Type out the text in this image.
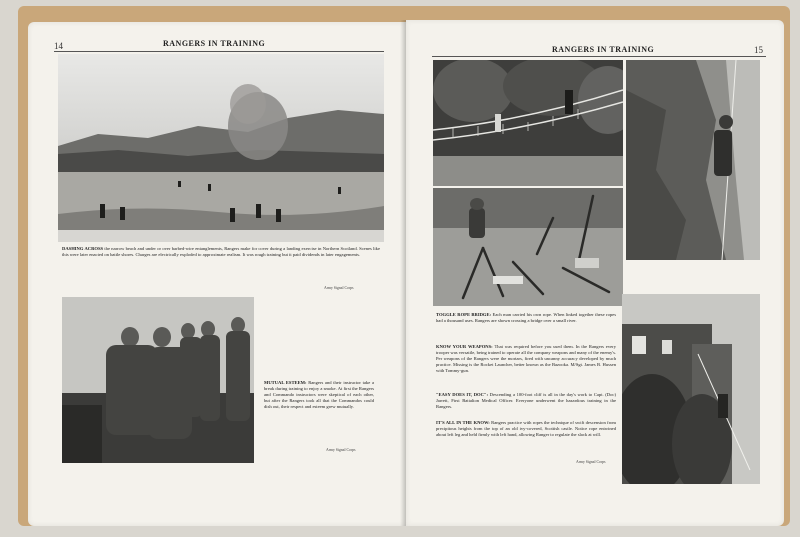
14	RANGERS IN TRAINING
DASHING ACROSS the narrow beach and under or over barbed-wire entanglements, Rangers make for cover during a landing exercise in Northern Scotland. Scenes like this were later enacted on battle shores. Charges are electrically exploded to approximate realism. It was rough training but it paid dividends in later engagements.
Army Signal Corps
MUTUAL ESTEEM: Rangers and their instructor take a break during training to enjoy a smoke. At first the Rangers and Commando instructors were skeptical of each other, but after the Rangers took all that the Commandos could dish out, their respect and esteem grew mutually.
Army Signal Corps
RANGERS IN TRAINING	15
TOGGLE ROPE BRIDGE: Each man carried his own rope. When linked together these ropes had a thousand uses. Rangers are shown crossing a bridge over a small river.
KNOW YOUR WEAPONS: That was required before you used them. In the Rangers every trooper was versatile, being trained to operate all the company weapons and many of the enemy's. Per weapons of the Rangers were the mortars, fired with uncanny accuracy developed by much practice. Missing is the Rocket Launcher, better known as the Bazooka. M/Sgt. James B. Hussen with Tommy-gun.
"EASY DOES IT, DOC": Descending a 100-foot cliff is all in the day's work to Capt. (Doc) Jarrett, First Battalion Medical Officer. Everyone underwent the hazardous training in the Rangers.
IT'S ALL IN THE KNOW: Rangers practice with ropes the technique of swift descension from precipitous heights from the top of an old ivy-covered, Scottish castle. Notice rope entwined about left leg and held firmly with left hand, allowing Ranger to regulate the slack at will.
Army Signal Corps
